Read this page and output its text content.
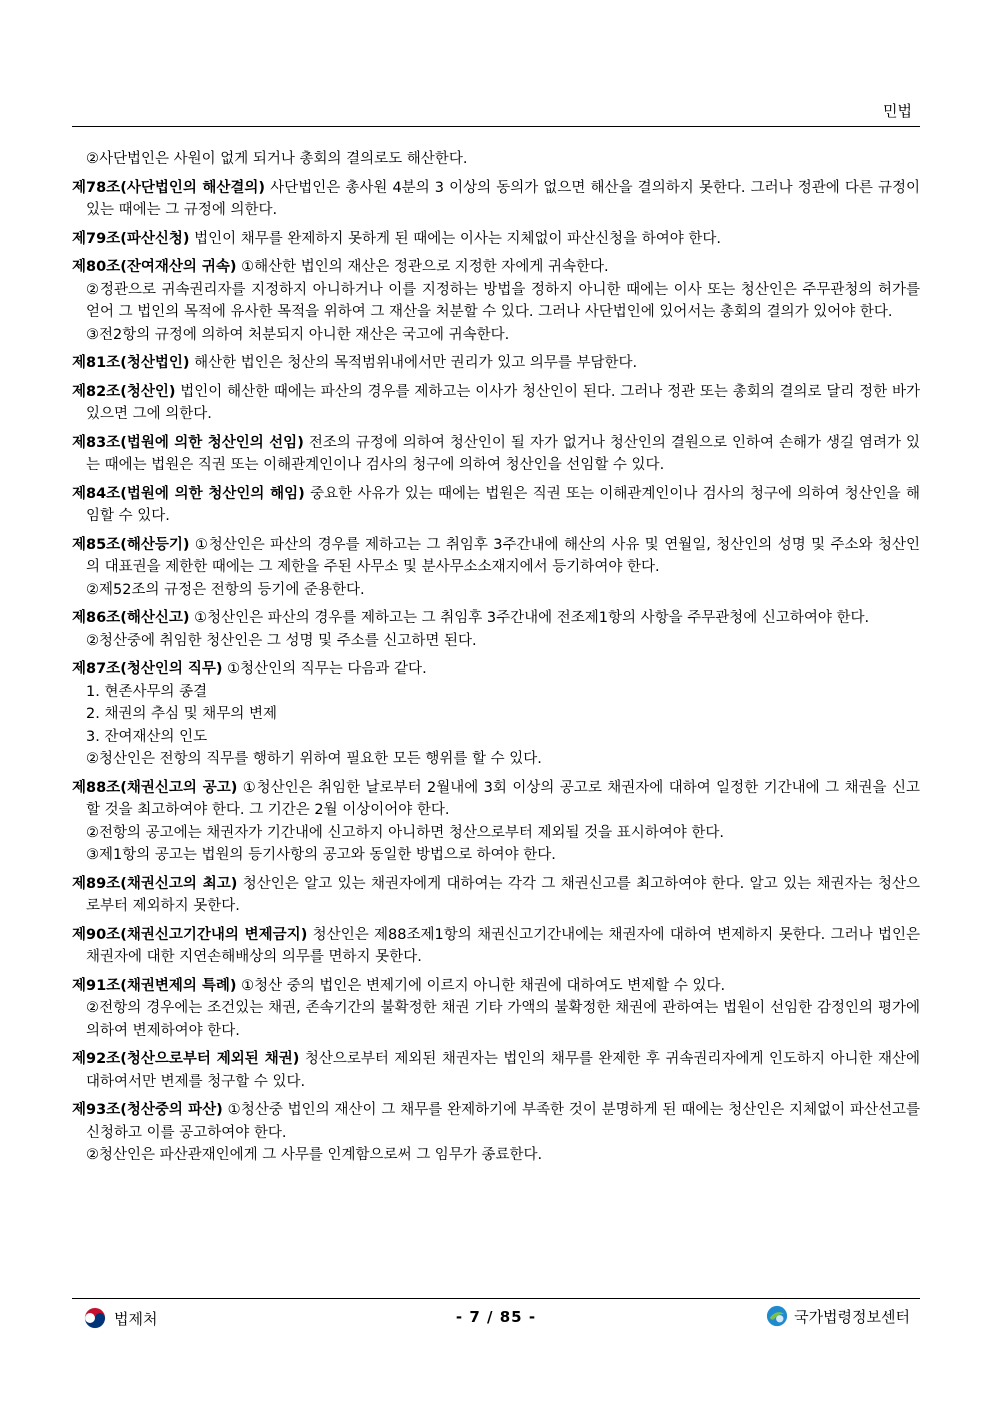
민법
②사단법인은 사원이 없게 되거나 총회의 결의로도 해산한다.
제78조(사단법인의 해산결의) 사단법인은 총사원 4분의 3 이상의 동의가 없으면 해산을 결의하지 못한다. 그러나 정관에 다른 규정이 있는 때에는 그 규정에 의한다.
제79조(파산신청) 법인이 채무를 완제하지 못하게 된 때에는 이사는 지체없이 파산신청을 하여야 한다.
제80조(잔여재산의 귀속) ①해산한 법인의 재산은 정관으로 지정한 자에게 귀속한다.
②정관으로 귀속권리자를 지정하지 아니하거나 이를 지정하는 방법을 정하지 아니한 때에는 이사 또는 청산인은 주무관청의 허가를 얻어 그 법인의 목적에 유사한 목적을 위하여 그 재산을 처분할 수 있다. 그러나 사단법인에 있어서는 총회의 결의가 있어야 한다.
③전2항의 규정에 의하여 처분되지 아니한 재산은 국고에 귀속한다.
제81조(청산법인) 해산한 법인은 청산의 목적범위내에서만 권리가 있고 의무를 부담한다.
제82조(청산인) 법인이 해산한 때에는 파산의 경우를 제하고는 이사가 청산인이 된다. 그러나 정관 또는 총회의 결의로 달리 정한 바가 있으면 그에 의한다.
제83조(법원에 의한 청산인의 선임) 전조의 규정에 의하여 청산인이 될 자가 없거나 청산인의 결원으로 인하여 손해가 생길 염려가 있는 때에는 법원은 직권 또는 이해관계인이나 검사의 청구에 의하여 청산인을 선임할 수 있다.
제84조(법원에 의한 청산인의 해임) 중요한 사유가 있는 때에는 법원은 직권 또는 이해관계인이나 검사의 청구에 의하여 청산인을 해임할 수 있다.
제85조(해산등기) ①청산인은 파산의 경우를 제하고는 그 취임후 3주간내에 해산의 사유 및 연월일, 청산인의 성명 및 주소와 청산인의 대표권을 제한한 때에는 그 제한을 주된 사무소 및 분사무소소재지에서 등기하여야 한다.
②제52조의 규정은 전항의 등기에 준용한다.
제86조(해산신고) ①청산인은 파산의 경우를 제하고는 그 취임후 3주간내에 전조제1항의 사항을 주무관청에 신고하여야 한다.
②청산중에 취임한 청산인은 그 성명 및 주소를 신고하면 된다.
제87조(청산인의 직무) ①청산인의 직무는 다음과 같다.
1. 현존사무의 종결
2. 채권의 추심 및 채무의 변제
3. 잔여재산의 인도
②청산인은 전항의 직무를 행하기 위하여 필요한 모든 행위를 할 수 있다.
제88조(채권신고의 공고) ①청산인은 취임한 날로부터 2월내에 3회 이상의 공고로 채권자에 대하여 일정한 기간내에 그 채권을 신고할 것을 최고하여야 한다. 그 기간은 2월 이상이어야 한다.
②전항의 공고에는 채권자가 기간내에 신고하지 아니하면 청산으로부터 제외될 것을 표시하여야 한다.
③제1항의 공고는 법원의 등기사항의 공고와 동일한 방법으로 하여야 한다.
제89조(채권신고의 최고) 청산인은 알고 있는 채권자에게 대하여는 각각 그 채권신고를 최고하여야 한다. 알고 있는 채권자는 청산으로부터 제외하지 못한다.
제90조(채권신고기간내의 변제금지) 청산인은 제88조제1항의 채권신고기간내에는 채권자에 대하여 변제하지 못한다. 그러나 법인은 채권자에 대한 지연손해배상의 의무를 면하지 못한다.
제91조(채권변제의 특례) ①청산 중의 법인은 변제기에 이르지 아니한 채권에 대하여도 변제할 수 있다.
②전항의 경우에는 조건있는 채권, 존속기간의 불확정한 채권 기타 가액의 불확정한 채권에 관하여는 법원이 선임한 감정인의 평가에 의하여 변제하여야 한다.
제92조(청산으로부터 제외된 채권) 청산으로부터 제외된 채권자는 법인의 채무를 완제한 후 귀속권리자에게 인도하지 아니한 재산에 대하여서만 변제를 청구할 수 있다.
제93조(청산중의 파산) ①청산중 법인의 재산이 그 채무를 완제하기에 부족한 것이 분명하게 된 때에는 청산인은 지체없이 파산선고를 신청하고 이를 공고하여야 한다.
②청산인은 파산관재인에게 그 사무를 인계함으로써 그 임무가 종료한다.
법제처	- 7 / 85 -	국가법령정보센터
